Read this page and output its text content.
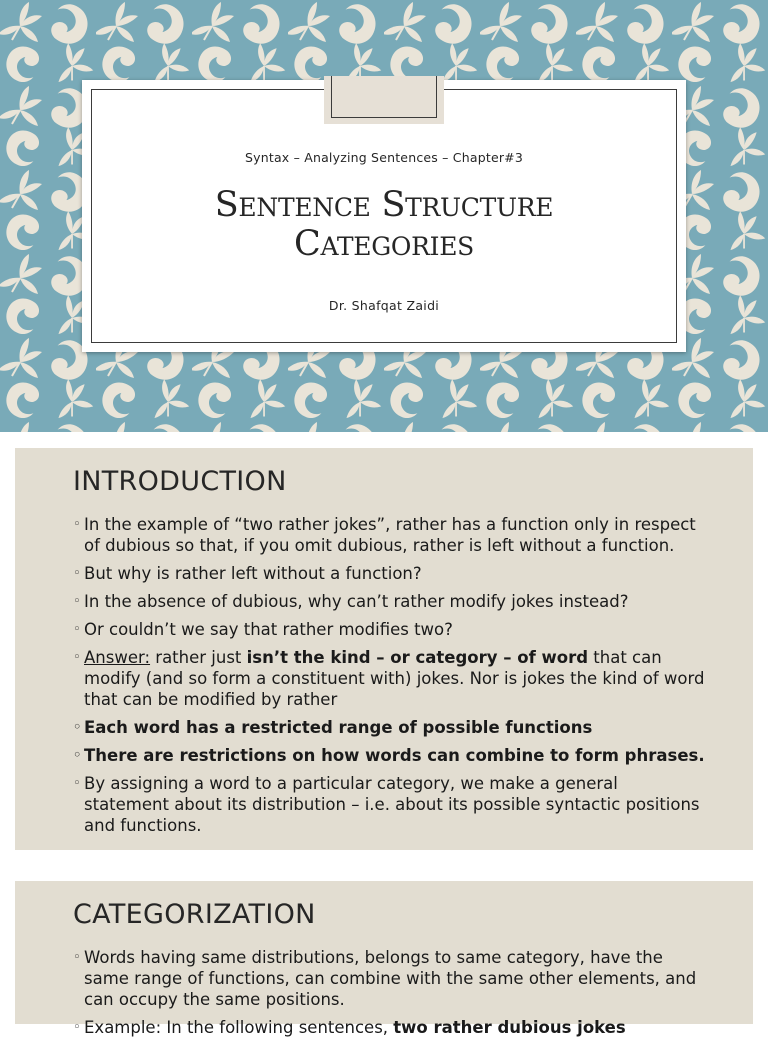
Syntax – Analyzing Sentences – Chapter#3
Sentence Structure
Categories
Dr. Shafqat Zaidi
INTRODUCTION
◦ In the example of “two rather jokes”, rather has a function only in respect of dubious so that, if you omit dubious, rather is left without a function.
◦ But why is rather left without a function?
◦ In the absence of dubious, why can’t rather modify jokes instead?
◦ Or couldn’t we say that rather modifies two?
◦ Answer: rather just isn’t the kind – or category – of word that can modify (and so form a constituent with) jokes. Nor is jokes the kind of word that can be modified by rather
◦ Each word has a restricted range of possible functions
◦ There are restrictions on how words can combine to form phrases.
◦ By assigning a word to a particular category, we make a general statement about its distribution – i.e. about its possible syntactic positions and functions.
CATEGORIZATION
◦ Words having same distributions, belongs to same category, have the same range of functions, can combine with the same other elements, and can occupy the same positions.
◦ Example: In the following sentences, two rather dubious jokes
